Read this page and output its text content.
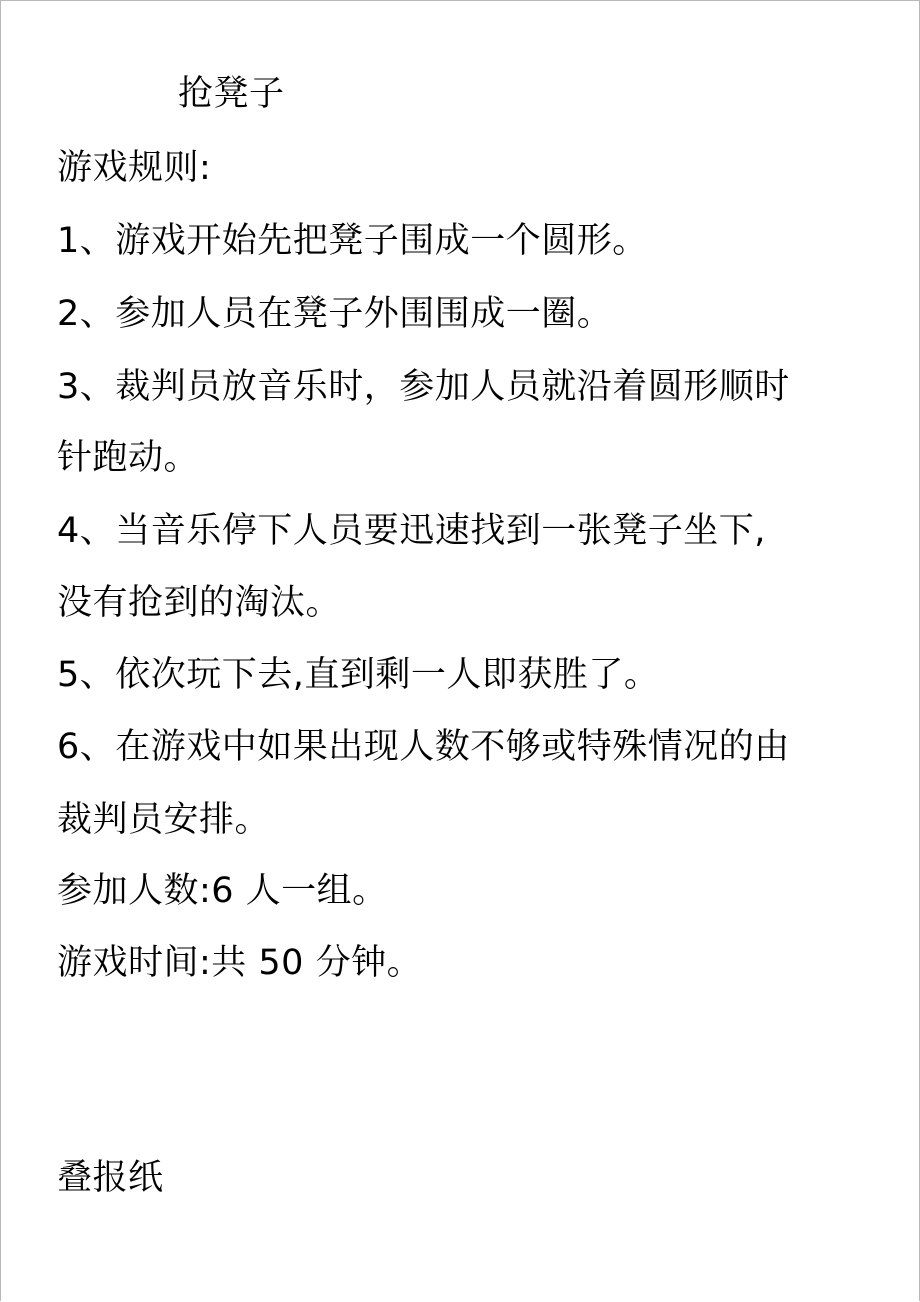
抢凳子
游戏规则:
1、游戏开始先把凳子围成一个圆形。
2、参加人员在凳子外围围成一圈。
3、裁判员放音乐时，参加人员就沿着圆形顺时
针跑动。
4、当音乐停下人员要迅速找到一张凳子坐下,
没有抢到的淘汰。
5、依次玩下去,直到剩一人即获胜了。
6、在游戏中如果出现人数不够或特殊情况的由
裁判员安排。
参加人数:6 人一组。
游戏时间:共 50 分钟。
叠报纸
